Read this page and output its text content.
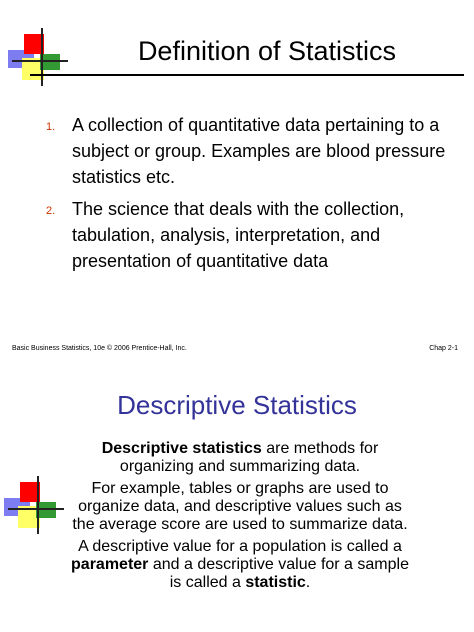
Definition of Statistics
1. A collection of quantitative data pertaining to a subject or group. Examples are blood pressure statistics etc.
2. The science that deals with the collection, tabulation, analysis, interpretation, and presentation of quantitative data
Basic Business Statistics, 10e © 2006 Prentice-Hall, Inc.	Chap 2-1
Descriptive Statistics

Descriptive statistics are methods for organizing and summarizing data.

For example, tables or graphs are used to organize data, and descriptive values such as the average score are used to summarize data.

A descriptive value for a population is called a parameter and a descriptive value for a sample is called a statistic.
